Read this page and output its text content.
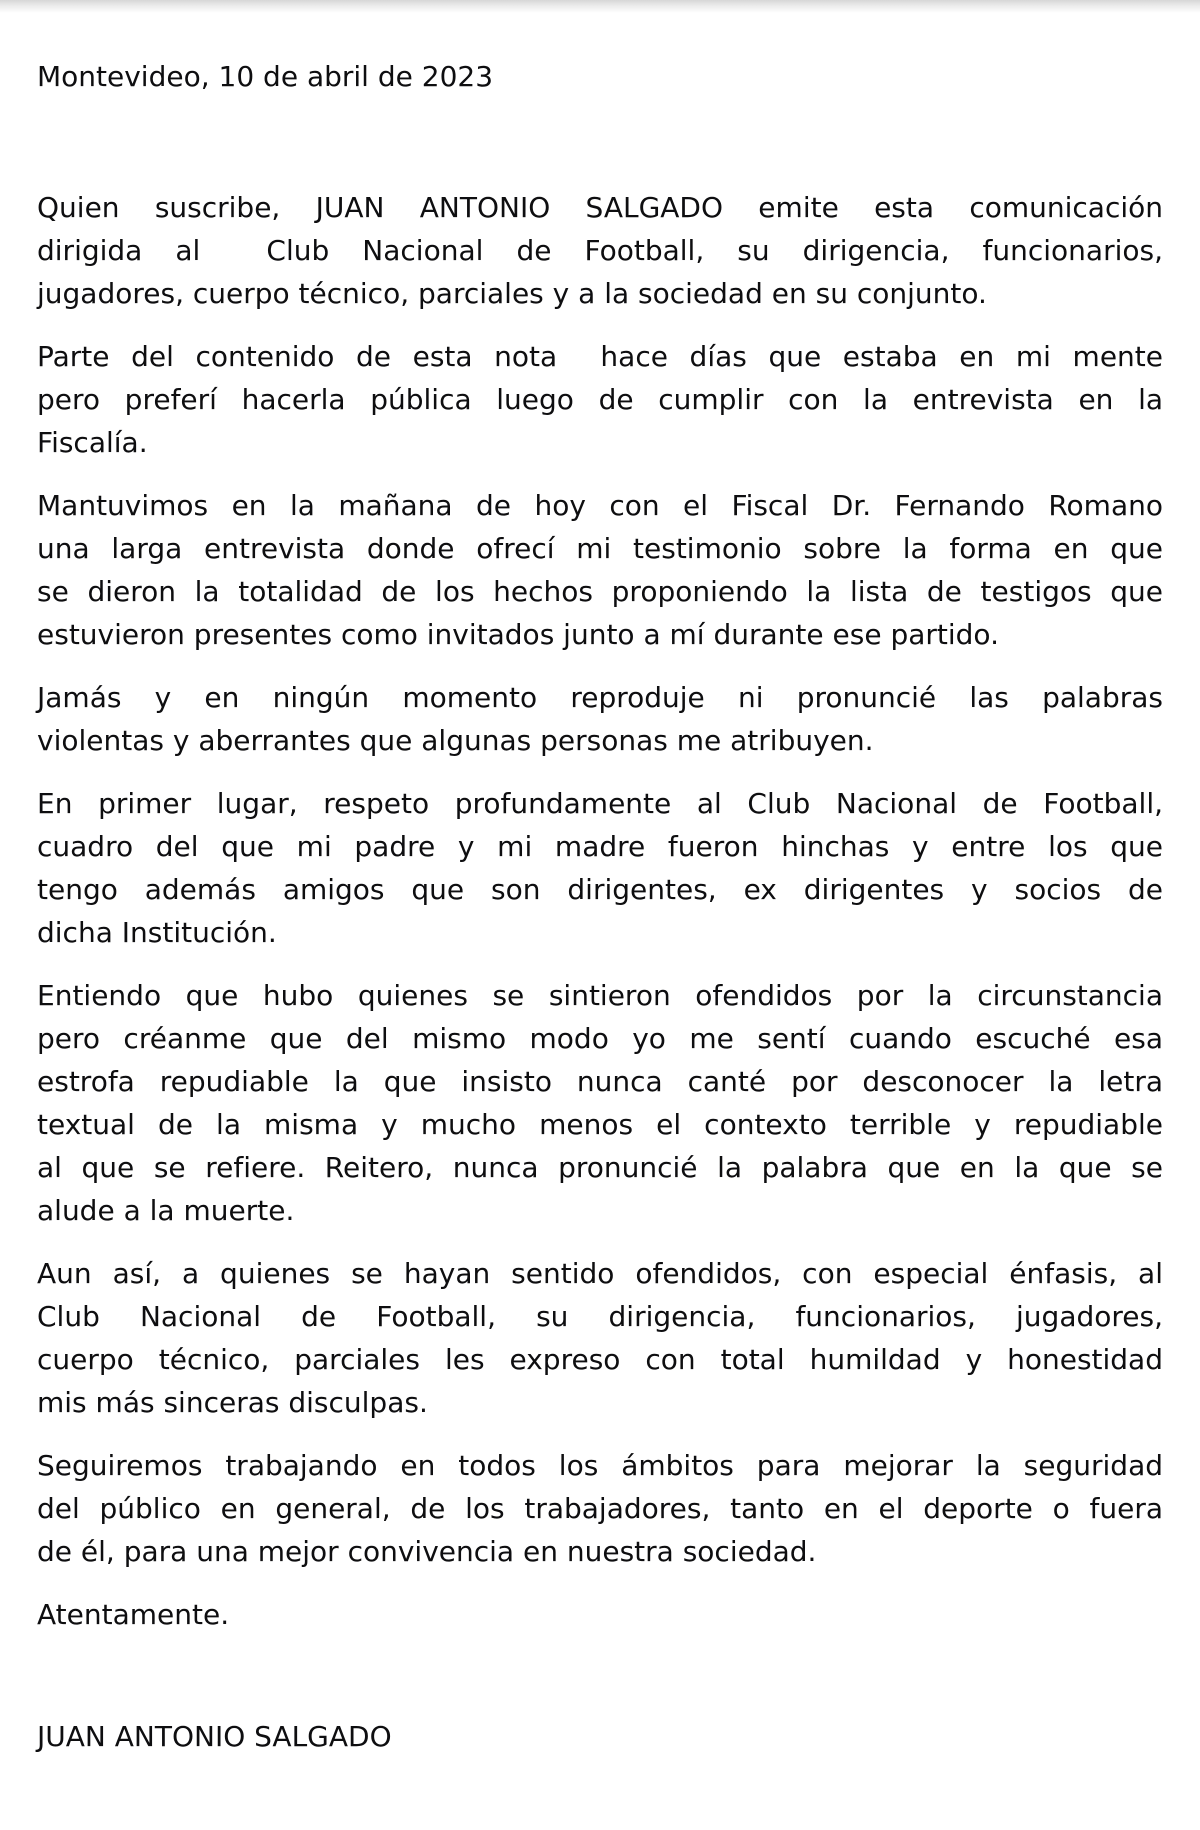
Montevideo, 10 de abril de 2023
Quien suscribe, JUAN ANTONIO SALGADO emite esta comunicación
dirigida al  Club Nacional de Football, su dirigencia, funcionarios,
jugadores, cuerpo técnico, parciales y a la sociedad en su conjunto.
Parte del contenido de esta nota  hace días que estaba en mi mente
pero preferí hacerla pública luego de cumplir con la entrevista en la
Fiscalía.
Mantuvimos en la mañana de hoy con el Fiscal Dr. Fernando Romano
una larga entrevista donde ofrecí mi testimonio sobre la forma en que
se dieron la totalidad de los hechos proponiendo la lista de testigos que
estuvieron presentes como invitados junto a mí durante ese partido.
Jamás y en ningún momento reproduje ni pronuncié las palabras
violentas y aberrantes que algunas personas me atribuyen.
En primer lugar, respeto profundamente al Club Nacional de Football,
cuadro del que mi padre y mi madre fueron hinchas y entre los que
tengo además amigos que son dirigentes, ex dirigentes y socios de
dicha Institución.
Entiendo que hubo quienes se sintieron ofendidos por la circunstancia
pero créanme que del mismo modo yo me sentí cuando escuché esa
estrofa repudiable la que insisto nunca canté por desconocer la letra
textual de la misma y mucho menos el contexto terrible y repudiable
al que se refiere. Reitero, nunca pronuncié la palabra que en la que se
alude a la muerte.
Aun así, a quienes se hayan sentido ofendidos, con especial énfasis, al
Club Nacional de Football, su dirigencia, funcionarios, jugadores,
cuerpo técnico, parciales les expreso con total humildad y honestidad
mis más sinceras disculpas.
Seguiremos trabajando en todos los ámbitos para mejorar la seguridad
del público en general, de los trabajadores, tanto en el deporte o fuera
de él, para una mejor convivencia en nuestra sociedad.
Atentamente.
JUAN ANTONIO SALGADO
